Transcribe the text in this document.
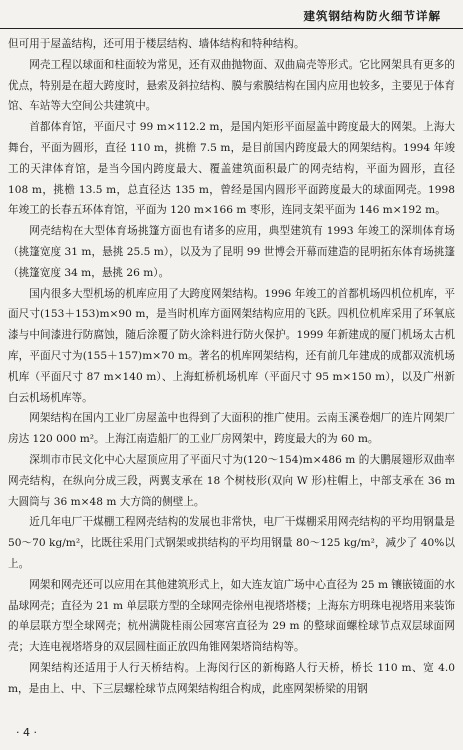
建筑钢结构防火细节详解

但可用于屋盖结构，还可用于楼层结构、墙体结构和特种结构。

网壳工程以球面和柱面较为常见，还有双曲抛物面、双曲扁壳等形式。它比网架具有更多的优点，特别是在超大跨度时，悬索及斜拉结构、膜与索膜结构在国内应用也较多，主要见于体育馆、车站等大空间公共建筑中。

首都体育馆，平面尺寸 99 m×112.2 m，是国内矩形平面屋盖中跨度最大的网架。上海大舞台，平面为圆形，直径 110 m，挑檐 7.5 m，是目前国内跨度最大的网架结构。1994 年竣工的天津体育馆，是当今国内跨度最大、覆盖建筑面积最广的网壳结构，平面为圆形，直径 108 m，挑檐 13.5 m，总直径达 135 m，曾经是国内圆形平面跨度最大的球面网壳。1998 年竣工的长春五环体育馆，平面为 120 m×166 m 枣形，连同支架平面为 146 m×192 m。

网壳结构在大型体育场挑篷方面也有诸多的应用，典型建筑有 1993 年竣工的深圳体育场（挑篷宽度 31 m，悬挑 25.5 m），以及为了昆明 99 世博会开幕而建造的昆明拓东体育场挑篷（挑篷宽度 34 m，悬挑 26 m）。

国内很多大型机场的机库应用了大跨度网架结构。1996 年竣工的首都机场四机位机库，平面尺寸(153＋153)m×90 m，是当时机库方面网架结构应用的飞跃。四机位机库采用了环氧底漆与中间漆进行防腐蚀，随后涂覆了防火涂料进行防火保护。1999 年新建成的厦门机场太古机库，平面尺寸为(155＋157)m×70 m。著名的机库网架结构，还有前几年建成的成都双流机场机库（平面尺寸 87 m×140 m）、上海虹桥机场机库（平面尺寸 95 m×150 m），以及广州新白云机场机库等。

网架结构在国内工业厂房屋盖中也得到了大面积的推广使用。云南玉溪卷烟厂的连片网架厂房达 120 000 m²。上海江南造船厂的工业厂房网架中，跨度最大的为 60 m。

深圳市市民文化中心大屋顶应用了平面尺寸为(120～154)m×486 m 的大鹏展翅形双曲率网壳结构，在纵向分成三段，两翼支承在 18 个树枝形(双向 W 形)柱帽上，中部支承在 36 m 大圆筒与 36 m×48 m 大方筒的侧壁上。

近几年电厂干煤棚工程网壳结构的发展也非常快，电厂干煤棚采用网壳结构的平均用钢量是 50～70 kg/m²，比既往采用门式钢架或拱结构的平均用钢量 80～125 kg/m²，减少了 40%以上。

网架和网壳还可以应用在其他建筑形式上，如大连友谊广场中心直径为 25 m 镶嵌镜面的水晶球网壳；直径为 21 m 单层联方型的全球网壳徐州电视塔塔楼；上海东方明珠电视塔用来装饰的单层联方型全球网壳；杭州满陇桂雨公园寒宫直径为 29 m 的整球面螺栓球节点双层球面网壳；大连电视塔塔身的双层圆柱面正放四角锥网架塔筒结构等。

网架结构还适用于人行天桥结构。上海闵行区的新梅路人行天桥，桥长 110 m、宽 4.0 m，是由上、中、下三层螺栓球节点网架结构组合构成，此座网架桥梁的用钢

· 4 ·
